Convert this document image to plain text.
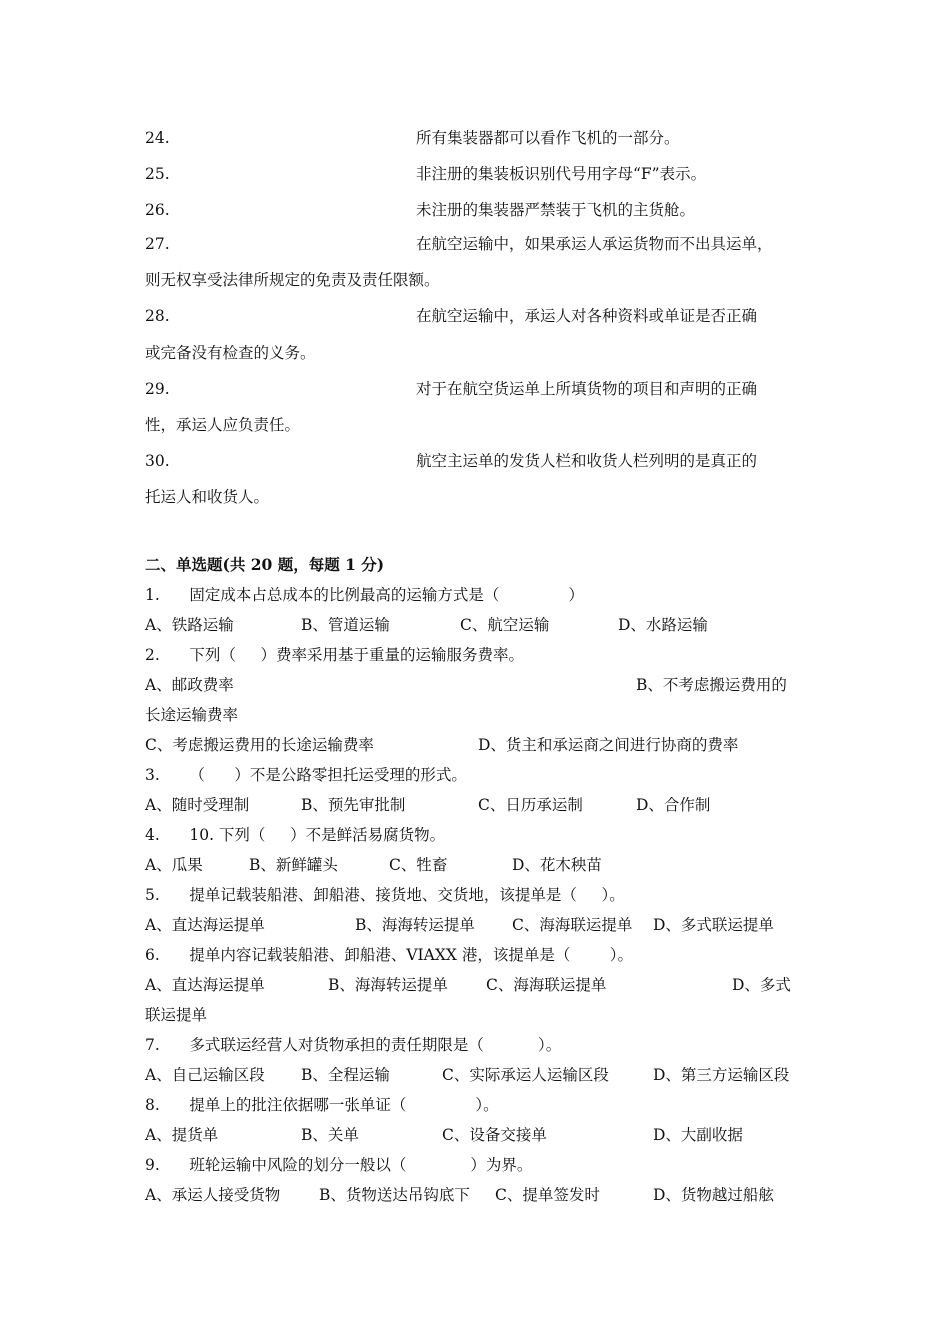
24.	所有集装器都可以看作飞机的一部分。
25.	非注册的集装板识别代号用字母“F”表示。
26.	未注册的集装器严禁装于飞机的主货舱。
27.	在航空运输中，如果承运人承运货物而不出具运单，
则无权享受法律所规定的免责及责任限额。
28.	在航空运输中，承运人对各种资料或单证是否正确
或完备没有检查的义务。
29.	对于在航空货运单上所填货物的项目和声明的正确
性，承运人应负责任。
30.	航空主运单的发货人栏和收货人栏列明的是真正的
托运人和收货人。
二、单选题(共 20 题，每题 1 分)
1.      固定成本占总成本的比例最高的运输方式是（              ）
A、铁路运输	B、管道运输	C、航空运输	D、水路运输
2.      下列（     ）费率采用基于重量的运输服务费率。
A、邮政费率	B、不考虑搬运费用的
长途运输费率
C、考虑搬运费用的长途运输费率	D、货主和承运商之间进行协商的费率
3.      （      ）不是公路零担托运受理的形式。
A、随时受理制	B、预先审批制	C、日历承运制	D、合作制
4.      10. 下列（     ）不是鲜活易腐货物。
A、瓜果	B、新鲜罐头	C、牲畜	D、花木秧苗
5.      提单记载装船港、卸船港、接货地、交货地，该提单是（     ）。
A、直达海运提单	B、海海转运提单 C、海海联运提单 D、多式联运提单
6.      提单内容记载装船港、卸船港、VIAXX 港，该提单是（        ）。
A、直达海运提单	B、海海转运提单 C、海海联运提单	D、多式
联运提单
7.      多式联运经营人对货物承担的责任期限是（           ）。
A、自己运输区段 B、全程运输	C、实际承运人运输区段	D、第三方运输区段
8.      提单上的批注依据哪一张单证（              ）。
A、提货单	B、关单	C、设备交接单	D、大副收据
9.      班轮运输中风险的划分一般以（             ）为界。
A、承运人接受货物	B、货物送达吊钩底下 C、提单签发时	D、货物越过船舷
